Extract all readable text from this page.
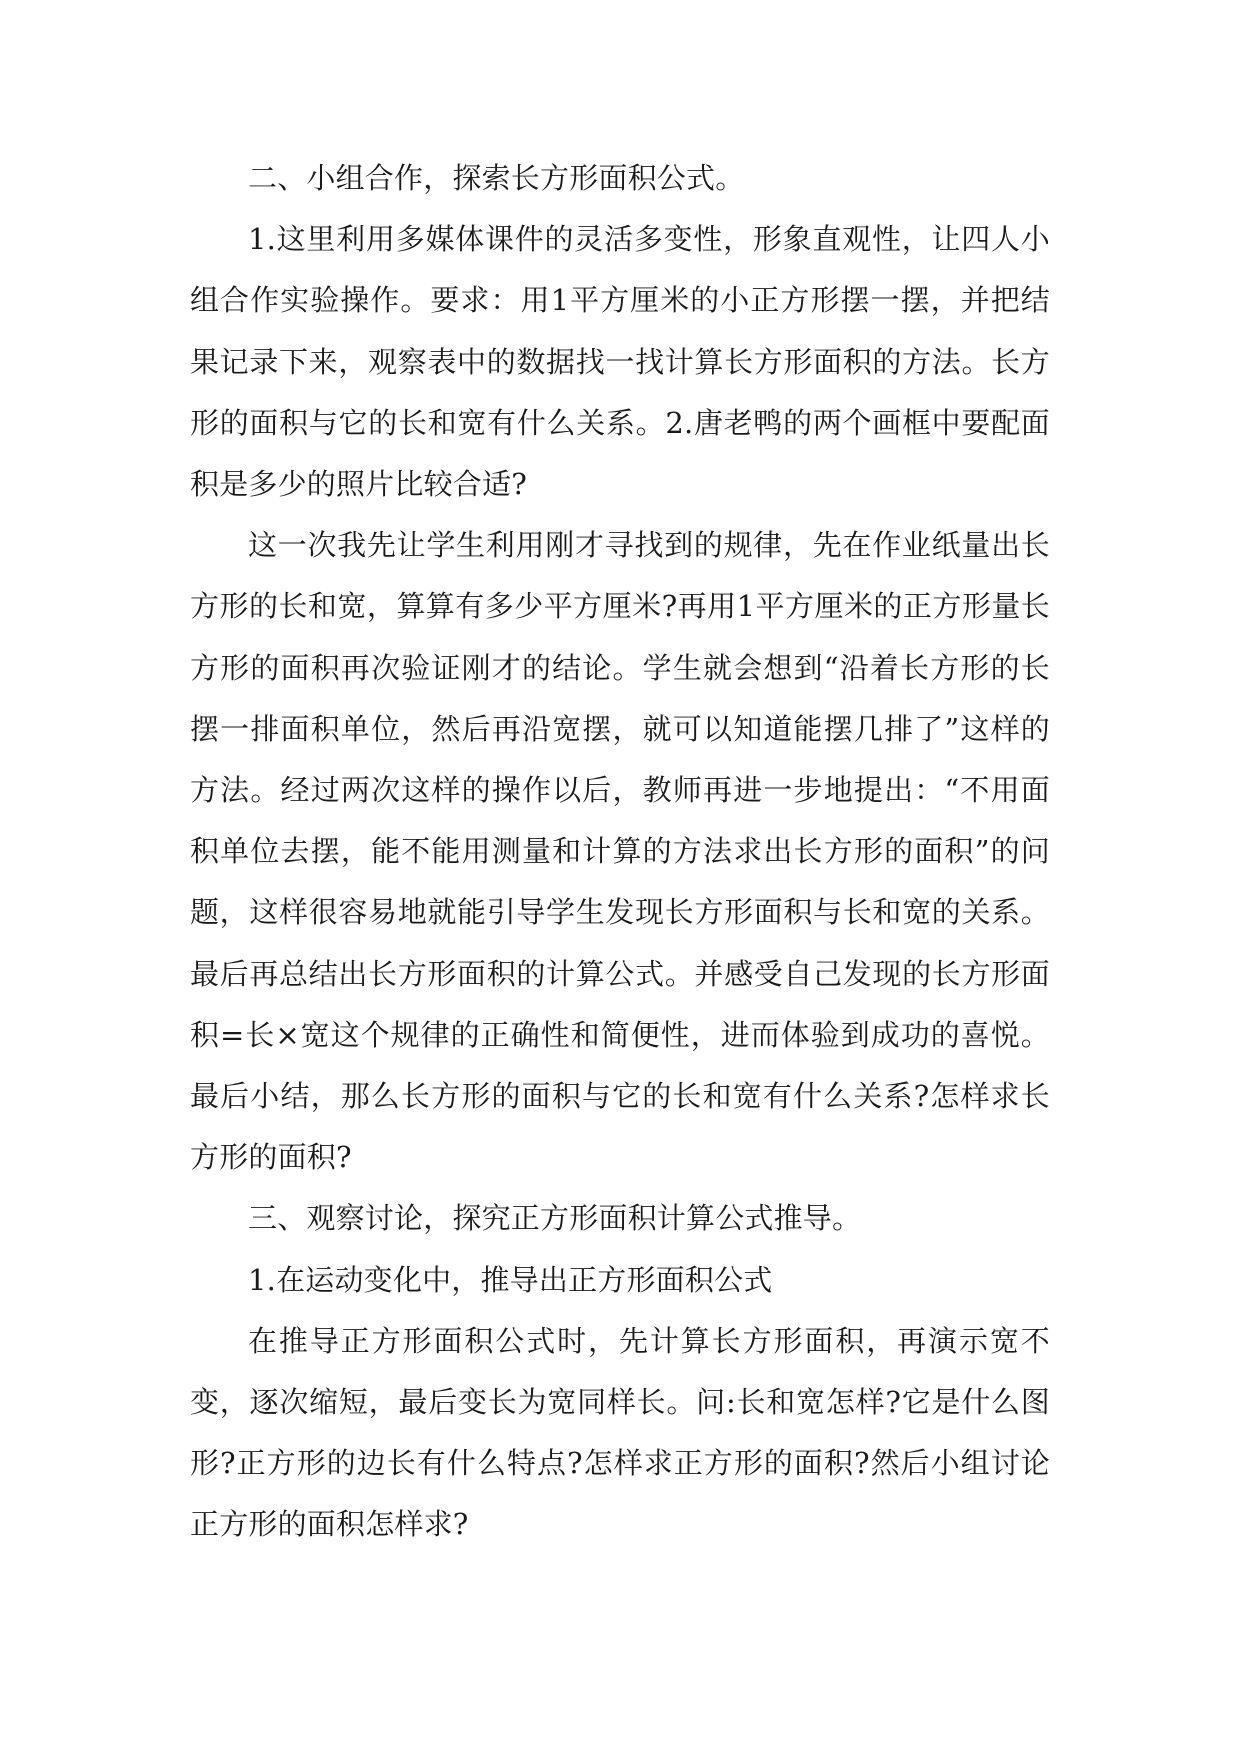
二、小组合作，探索长方形面积公式。

1.这里利用多媒体课件的灵活多变性，形象直观性，让四人小组合作实验操作。要求：用1平方厘米的小正方形摆一摆，并把结果记录下来，观察表中的数据找一找计算长方形面积的方法。长方形的面积与它的长和宽有什么关系。2.唐老鸭的两个画框中要配面积是多少的照片比较合适?

这一次我先让学生利用刚才寻找到的规律，先在作业纸量出长方形的长和宽，算算有多少平方厘米?再用1平方厘米的正方形量长方形的面积再次验证刚才的结论。学生就会想到“沿着长方形的长摆一排面积单位，然后再沿宽摆，就可以知道能摆几排了”这样的方法。经过两次这样的操作以后，教师再进一步地提出：“不用面积单位去摆，能不能用测量和计算的方法求出长方形的面积”的问题，这样很容易地就能引导学生发现长方形面积与长和宽的关系。最后再总结出长方形面积的计算公式。并感受自己发现的长方形面积=长×宽这个规律的正确性和简便性，进而体验到成功的喜悦。最后小结，那么长方形的面积与它的长和宽有什么关系?怎样求长方形的面积?

三、观察讨论，探究正方形面积计算公式推导。

1.在运动变化中，推导出正方形面积公式

在推导正方形面积公式时，先计算长方形面积，再演示宽不变，逐次缩短，最后变长为宽同样长。问:长和宽怎样?它是什么图形?正方形的边长有什么特点?怎样求正方形的面积?然后小组讨论正方形的面积怎样求?
